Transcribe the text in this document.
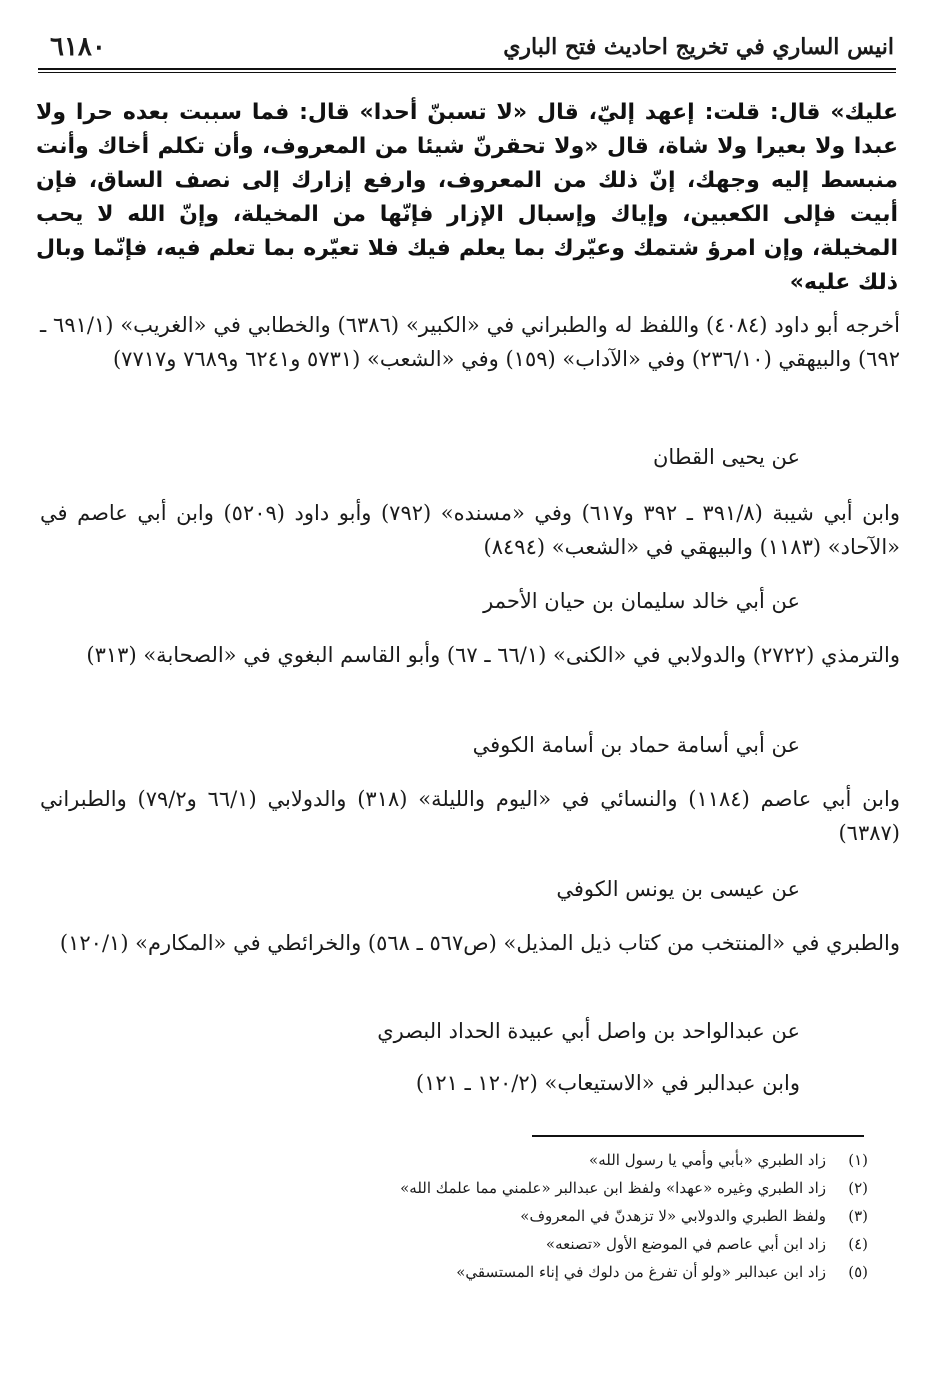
٦١٨٠	انيس الساري في تخريج احاديث فتح الباري

عليك» قال: قلت: إعهد إليّ، قال «لا تسبنّ أحدا» قال: فما سببت بعده حرا ولا عبدا ولا بعيرا ولا شاة، قال «ولا تحقرنّ شيئا من المعروف، وأن تكلم أخاك وأنت منبسط إليه وجهك، إنّ ذلك من المعروف، وارفع إزارك إلى نصف الساق، فإن أبيت فإلى الكعبين، وإياك وإسبال الإزار فإنّها من المخيلة، وإنّ الله لا يحب المخيلة، وإن امرؤ شتمك وعيّرك بما يعلم فيك فلا تعيّره بما تعلم فيه، فإنّما وبال ذلك عليه»

أخرجه أبو داود (٤٠٨٤) واللفظ له والطبراني في «الكبير» (٦٣٨٦) والخطابي في «الغريب» (٦٩١/١ ـ ٦٩٢) والبيهقي (٢٣٦/١٠) وفي «الآداب» (١٥٩) وفي «الشعب» (٥٧٣١ و٦٢٤١ و٧٦٨٩ و٧٧١٧)

عن يحيى القطان

وابن أبي شيبة (٣٩١/٨ ـ ٣٩٢ و٦١٧) وفي «مسنده» (٧٩٢) وأبو داود (٥٢٠٩) وابن أبي عاصم في «الآحاد» (١١٨٣) والبيهقي في «الشعب» (٨٤٩٤)

عن أبي خالد سليمان بن حيان الأحمر

والترمذي (٢٧٢٢) والدولابي في «الكنى» (٦٦/١ ـ ٦٧) وأبو القاسم البغوي في «الصحابة» (٣١٣)

عن أبي أسامة حماد بن أسامة الكوفي

وابن أبي عاصم (١١٨٤) والنسائي في «اليوم والليلة» (٣١٨) والدولابي (٦٦/١ و٧٩/٢) والطبراني (٦٣٨٧)

عن عيسى بن يونس الكوفي

والطبري في «المنتخب من كتاب ذيل المذيل» (ص٥٦٧ ـ ٥٦٨) والخرائطي في «المكارم» (١٢٠/١)

عن عبدالواحد بن واصل أبي عبيدة الحداد البصري

وابن عبدالبر في «الاستيعاب» (١٢٠/٢ ـ ١٢١)

(١)
زاد الطبري «بأبي وأمي يا رسول الله»
(٢)
زاد الطبري وغيره «عهدا» ولفظ ابن عبدالبر «علمني مما علمك الله»
(٣)
ولفظ الطبري والدولابي «لا تزهدنّ في المعروف»
(٤)
زاد ابن أبي عاصم في الموضع الأول «تصنعه»
(٥)
زاد ابن عبدالبر «ولو أن تفرغ من دلوك في إناء المستسقي»
